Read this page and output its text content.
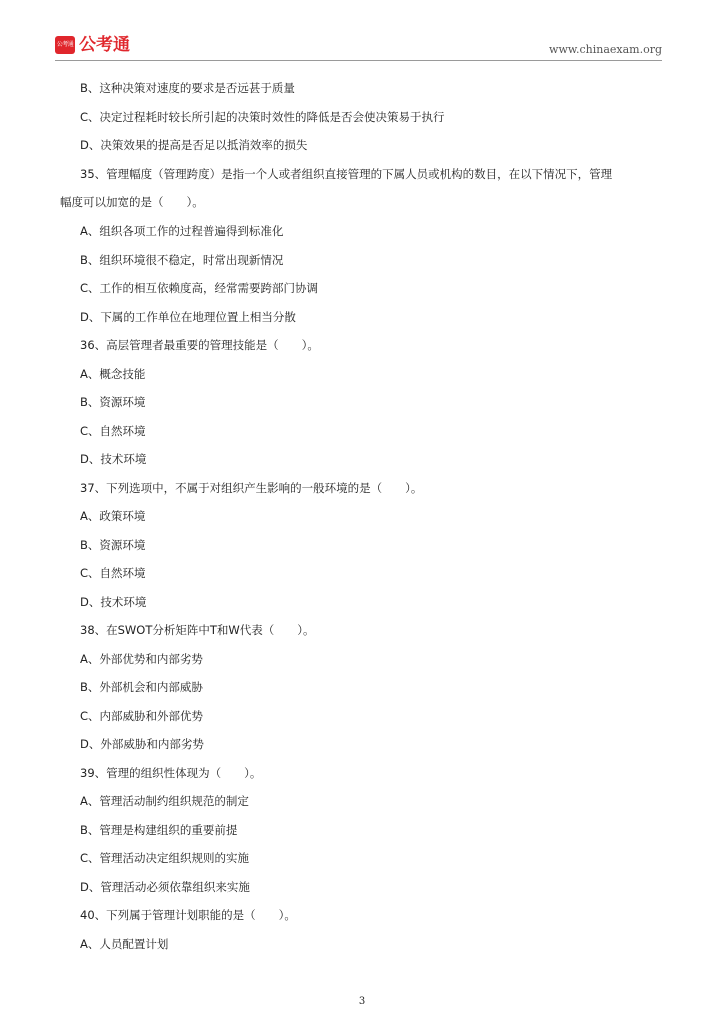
公考通 公考通	www.chinaexam.org
B、这种决策对速度的要求是否远甚于质量
C、决定过程耗时较长所引起的决策时效性的降低是否会使决策易于执行
D、决策效果的提高是否足以抵消效率的损失
35、管理幅度（管理跨度）是指一个人或者组织直接管理的下属人员或机构的数目，在以下情况下，管理
幅度可以加宽的是（　　）。
A、组织各项工作的过程普遍得到标准化
B、组织环境很不稳定，时常出现新情况
C、工作的相互依赖度高，经常需要跨部门协调
D、下属的工作单位在地理位置上相当分散
36、高层管理者最重要的管理技能是（　　）。
A、概念技能
B、资源环境
C、自然环境
D、技术环境
37、下列选项中，不属于对组织产生影响的一般环境的是（　　）。
A、政策环境
B、资源环境
C、自然环境
D、技术环境
38、在SWOT分析矩阵中T和W代表（　　）。
A、外部优势和内部劣势
B、外部机会和内部威胁
C、内部威胁和外部优势
D、外部威胁和内部劣势
39、管理的组织性体现为（　　）。
A、管理活动制约组织规范的制定
B、管理是构建组织的重要前提
C、管理活动决定组织规则的实施
D、管理活动必须依靠组织来实施
40、下列属于管理计划职能的是（　　）。
A、人员配置计划
3
